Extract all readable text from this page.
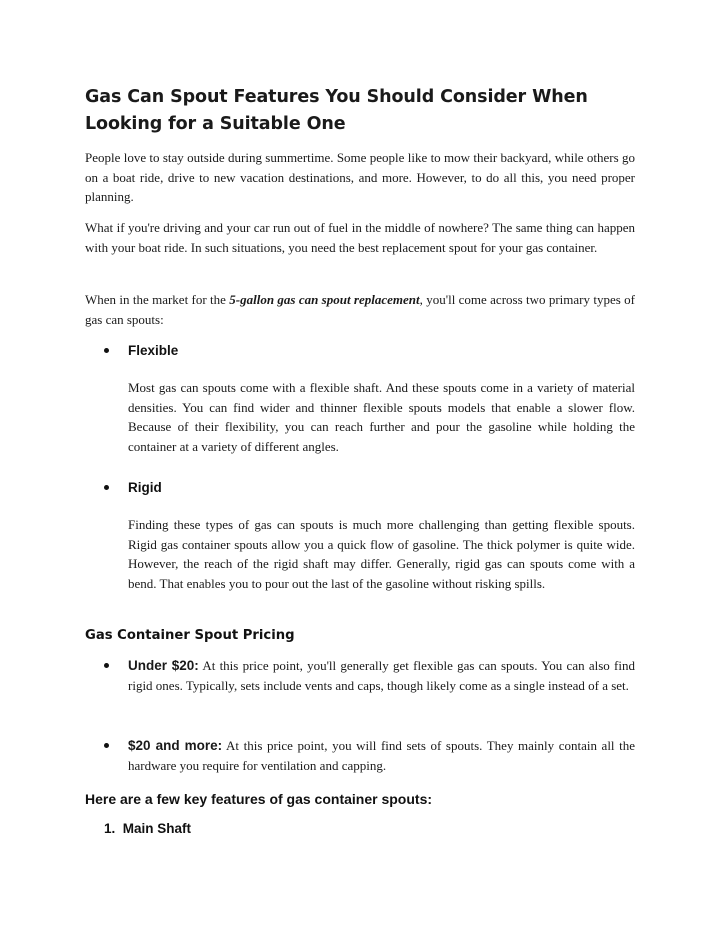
Gas Can Spout Features You Should Consider When Looking for a Suitable One
People love to stay outside during summertime. Some people like to mow their backyard, while others go on a boat ride, drive to new vacation destinations, and more. However, to do all this, you need proper planning.
What if you're driving and your car run out of fuel in the middle of nowhere? The same thing can happen with your boat ride. In such situations, you need the best replacement spout for your gas container.
When in the market for the 5-gallon gas can spout replacement, you'll come across two primary types of gas can spouts:
Flexible
Most gas can spouts come with a flexible shaft. And these spouts come in a variety of material densities. You can find wider and thinner flexible spouts models that enable a slower flow. Because of their flexibility, you can reach further and pour the gasoline while holding the container at a variety of different angles.
Rigid
Finding these types of gas can spouts is much more challenging than getting flexible spouts. Rigid gas container spouts allow you a quick flow of gasoline. The thick polymer is quite wide. However, the reach of the rigid shaft may differ. Generally, rigid gas can spouts come with a bend. That enables you to pour out the last of the gasoline without risking spills.
Gas Container Spout Pricing
Under $20: At this price point, you'll generally get flexible gas can spouts. You can also find rigid ones. Typically, sets include vents and caps, though likely come as a single instead of a set.
$20 and more: At this price point, you will find sets of spouts. They mainly contain all the hardware you require for ventilation and capping.
Here are a few key features of gas container spouts:
1. Main Shaft
